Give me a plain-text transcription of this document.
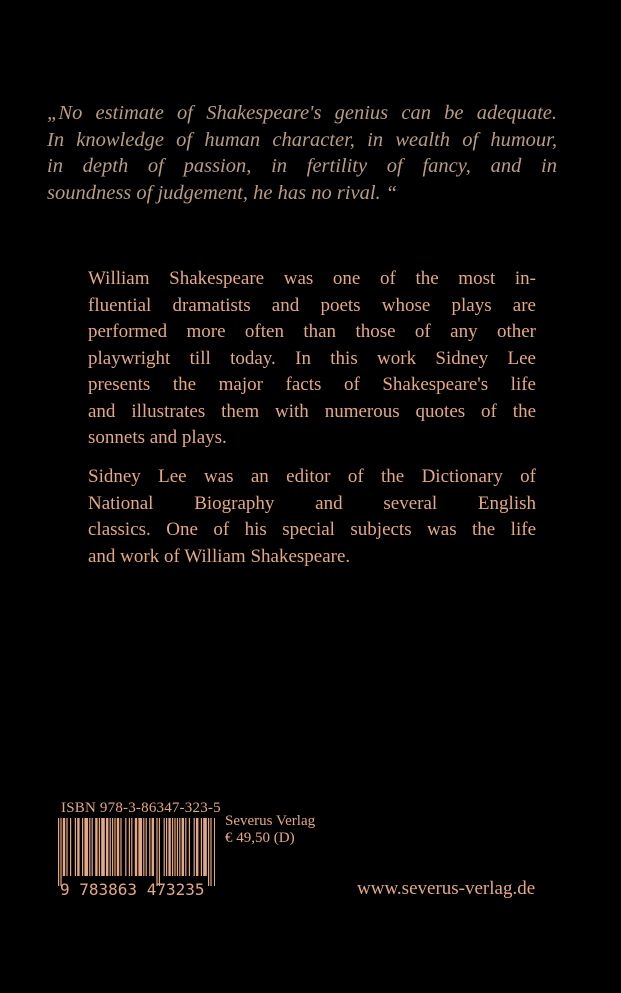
„No estimate of Shakespeare's genius can be adequate.
In knowledge of human character, in wealth of humour,
in depth of passion, in fertility of fancy, and in
soundness of judgement, he has no rival. “

William Shakespeare was one of the most in-
fluential dramatists and poets whose plays are
performed more often than those of any other
playwright till today. In this work Sidney Lee
presents the major facts of Shakespeare's life
and illustrates them with numerous quotes of the
sonnets and plays.

Sidney Lee was an editor of the Dictionary of
National Biography and several English
classics. One of his special subjects was the life
and work of William Shakespeare.

ISBN 978-3-86347-323-5
9 783863 473235
Severus Verlag
€ 49,50 (D)
www.severus-verlag.de
